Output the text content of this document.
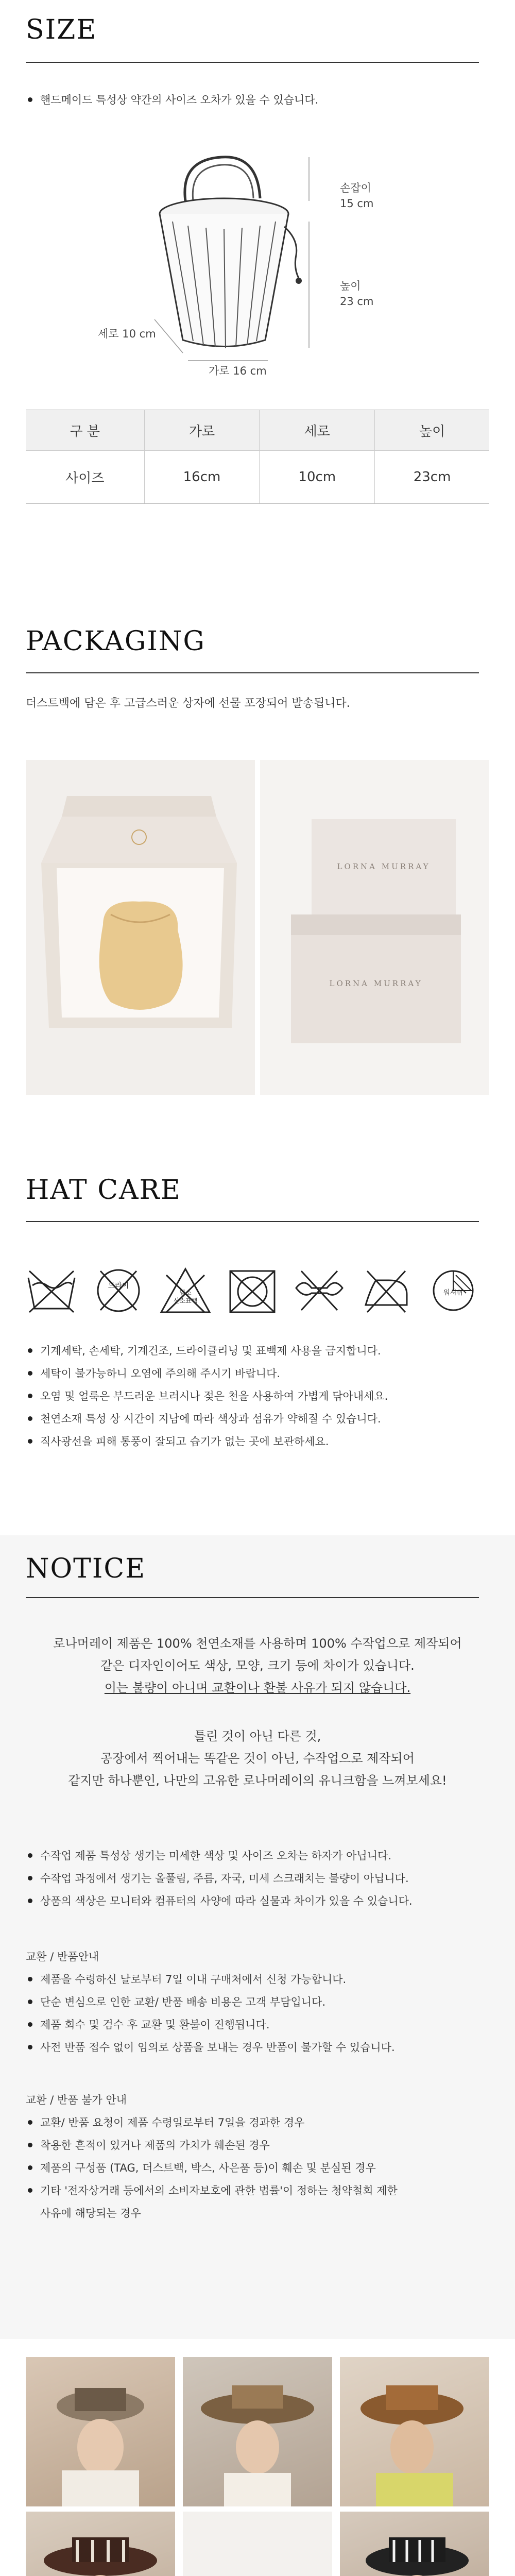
SIZE
핸드메이드 특성상 약간의 사이즈 오차가 있을 수 있습니다.
손잡이
15 cm
높이
23 cm
세로 10 cm
가로 16 cm
구 분	가로	세로	높이
사이즈	16cm	10cm	23cm
PACKAGING
더스트백에 담은 후 고급스러운 상자에 선물 포장되어 발송됩니다.
LORNA MURRAY
LORNA MURRAY
HAT CARE
드라이
염소
산소표백
워셔쉬
기계세탁, 손세탁, 기계건조, 드라이클리닝 및 표백제 사용을 금지합니다.
세탁이 불가능하니 오염에 주의해 주시기 바랍니다.
오염 및 얼룩은 부드러운 브러시나 젖은 천을 사용하여 가볍게 닦아내세요.
천연소재 특성 상 시간이 지남에 따라 색상과 섬유가 약해질 수 있습니다.
직사광선을 피해 통풍이 잘되고 습기가 없는 곳에 보관하세요.
NOTICE
로나머레이 제품은 100% 천연소재를 사용하며 100% 수작업으로 제작되어
같은 디자인이어도 색상, 모양, 크기 등에 차이가 있습니다.
이는 불량이 아니며 교환이나 환불 사유가 되지 않습니다.
틀린 것이 아닌 다른 것,
공장에서 찍어내는 똑같은 것이 아닌, 수작업으로 제작되어
같지만 하나뿐인, 나만의 고유한 로나머레이의 유니크함을 느껴보세요!
수작업 제품 특성상 생기는 미세한 색상 및 사이즈 오차는 하자가 아닙니다.
수작업 과정에서 생기는 올풀림, 주름, 자국, 미세 스크래치는 불량이 아닙니다.
상품의 색상은 모니터와 컴퓨터의 사양에 따라 실물과 차이가 있을 수 있습니다.
교환 / 반품안내
제품을 수령하신 날로부터 7일 이내 구매처에서 신청 가능합니다.
단순 변심으로 인한 교환/ 반품 배송 비용은 고객 부담입니다.
제품 회수 및 검수 후 교환 및 환불이 진행됩니다.
사전 반품 접수 없이 임의로 상품을 보내는 경우 반품이 불가할 수 있습니다.
교환 / 반품 불가 안내
교환/ 반품 요청이 제품 수령일로부터 7일을 경과한 경우
착용한 흔적이 있거나 제품의 가치가 훼손된 경우
제품의 구성품 (TAG, 더스트백, 박스, 사은품 등)이 훼손 및 분실된 경우
기타 '전자상거래 등에서의 소비자보호에 관한 법률'이 정하는 청약철회 제한
사유에 해당되는 경우
